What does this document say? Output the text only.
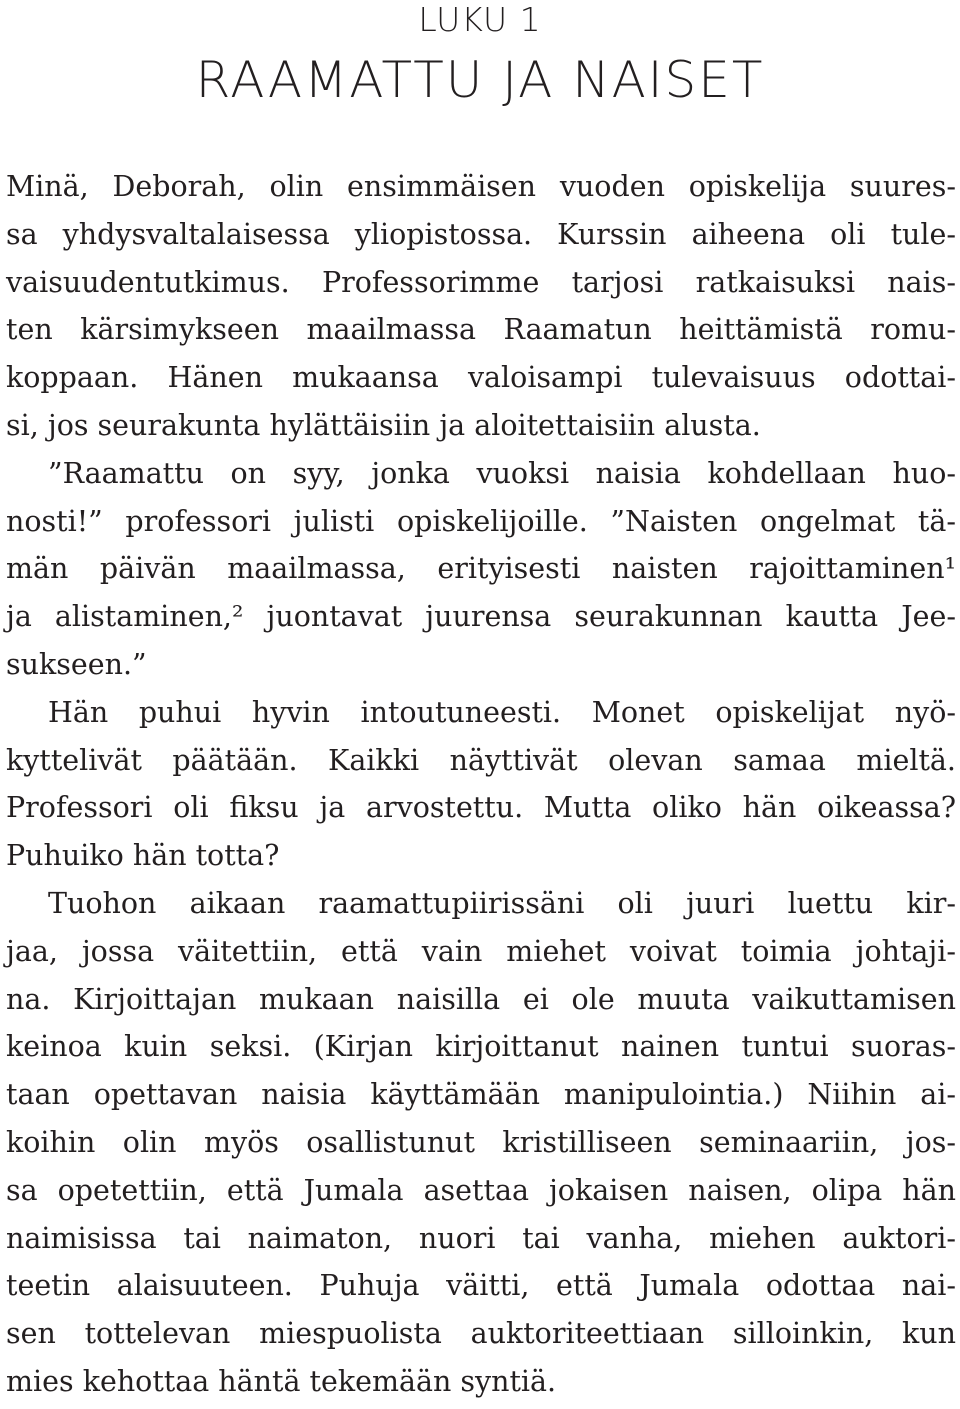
LUKU 1
RAAMATTU JA NAISET
Minä, Deborah, olin ensimmäisen vuoden opiskelija suures-
sa yhdysvaltalaisessa yliopistossa. Kurssin aiheena oli tule-
vaisuudentutkimus. Professorimme tarjosi ratkaisuksi nais-
ten kärsimykseen maailmassa Raamatun heittämistä romu-
koppaan. Hänen mukaansa valoisampi tulevaisuus odottai-
si, jos seurakunta hylättäisiin ja aloitettaisiin alusta.
”Raamattu on syy, jonka vuoksi naisia kohdellaan huo-
nosti!” professori julisti opiskelijoille. ”Naisten ongelmat tä-
män päivän maailmassa, erityisesti naisten rajoittaminen¹
ja alistaminen,² juontavat juurensa seurakunnan kautta Jee-
sukseen.”
Hän puhui hyvin intoutuneesti. Monet opiskelijat nyö-
kyttelivät päätään. Kaikki näyttivät olevan samaa mieltä.
Professori oli fiksu ja arvostettu. Mutta oliko hän oikeassa?
Puhuiko hän totta?
Tuohon aikaan raamattupiirissäni oli juuri luettu kir-
jaa, jossa väitettiin, että vain miehet voivat toimia johtaji-
na. Kirjoittajan mukaan naisilla ei ole muuta vaikuttamisen
keinoa kuin seksi. (Kirjan kirjoittanut nainen tuntui suoras-
taan opettavan naisia käyttämään manipulointia.) Niihin ai-
koihin olin myös osallistunut kristilliseen seminaariin, jos-
sa opetettiin, että Jumala asettaa jokaisen naisen, olipa hän
naimisissa tai naimaton, nuori tai vanha, miehen auktori-
teetin alaisuuteen. Puhuja väitti, että Jumala odottaa nai-
sen tottelevan miespuolista auktoriteettiaan silloinkin, kun
mies kehottaa häntä tekemään syntiä.
